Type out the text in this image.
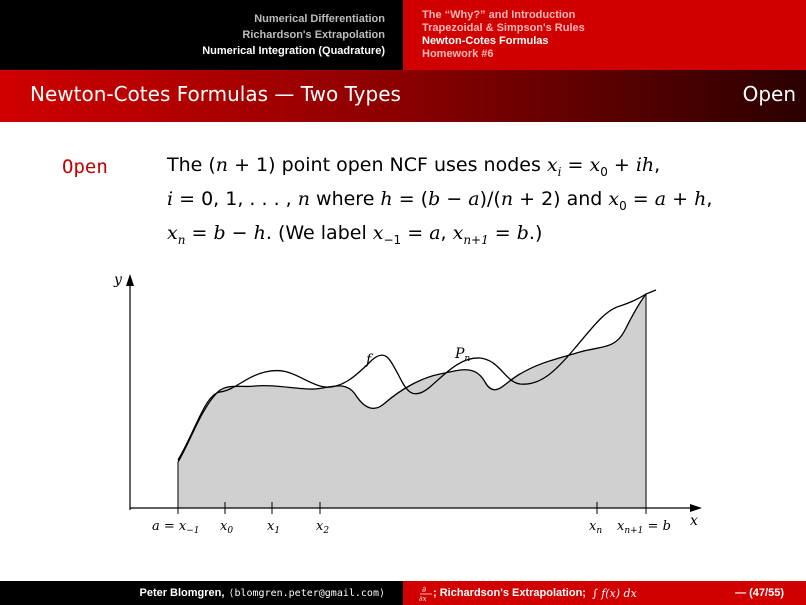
Numerical Differentiation
Richardson's Extrapolation
Numerical Integration (Quadrature)
The “Why?” and Introduction
Trapezoidal & Simpson's Rules
Newton-Cotes Formulas
Homework #6
Newton-Cotes Formulas — Two Types	Open
Open	The (n + 1) point open NCF uses nodes $x_i = x_0$ + ih,
i = 0, 1, . . . , n where h = (b − a)/(n + 2) and $x_0 = a + h$,
$x_n = b - h$. (We label $x_{-1} = a$, $x_{n+1} = b$.)
y
x
f	$P_n$
$a = x_{-1}$ $x_0$	$x_1$	$x_2$	$x_n$ $x_{n+1} = b$
Peter Blomgren, ⟨blomgren.peter@gmail.com⟩	∂
∂x ; Richardson's Extrapolation; ∫ f(x) dx	— (47/55)
